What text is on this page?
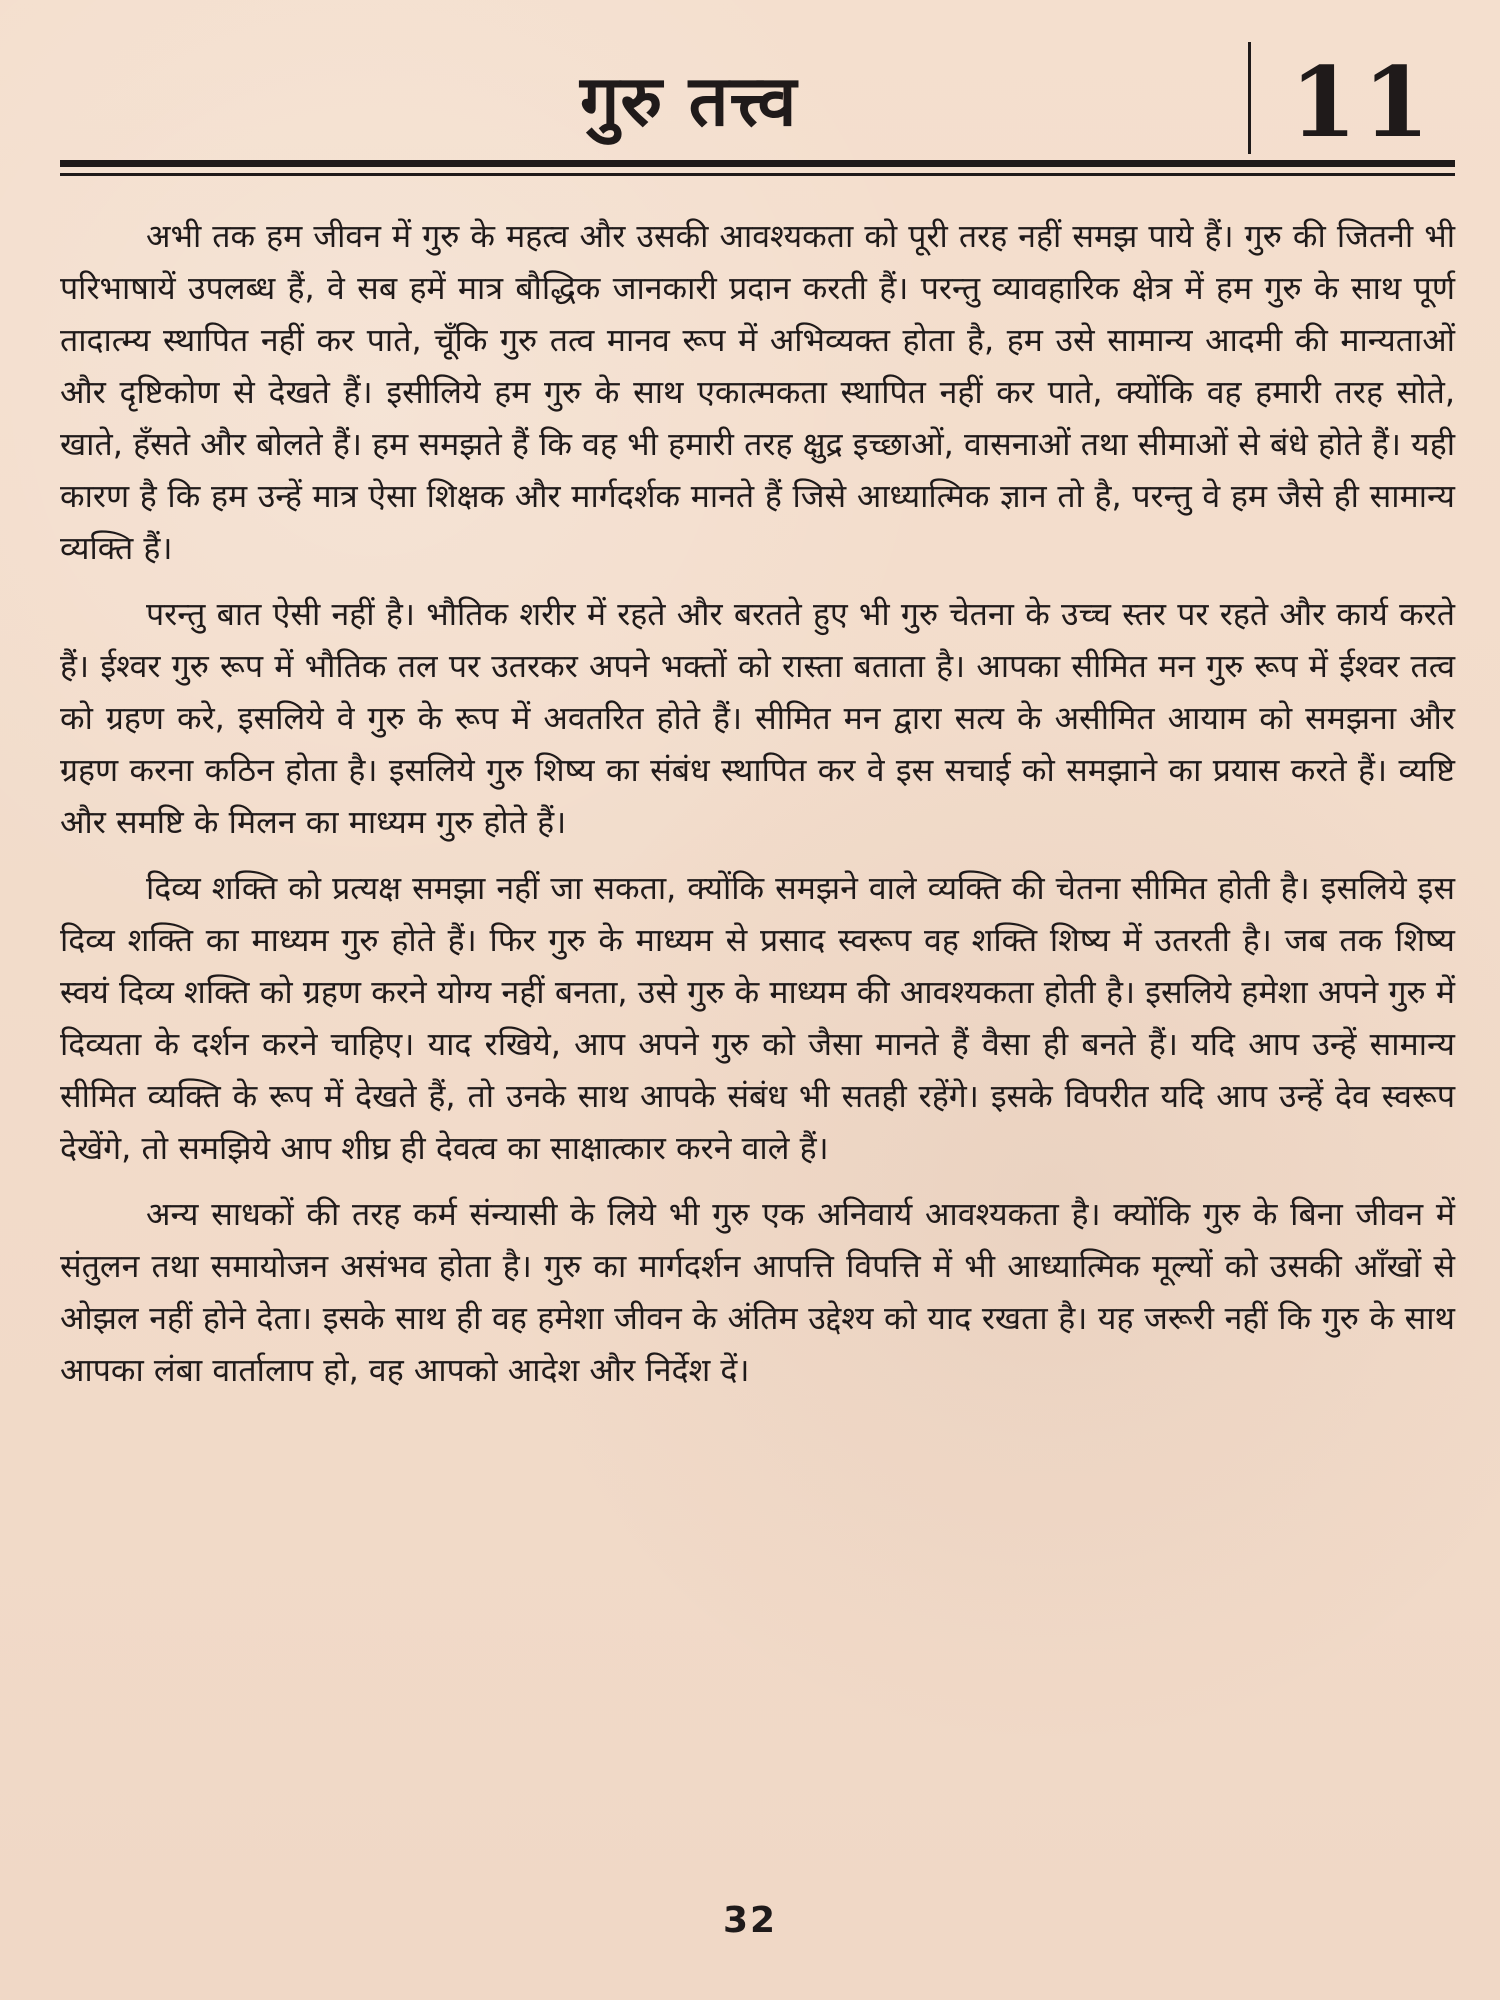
गुरु तत्त्व	11

अभी तक हम जीवन में गुरु के महत्व और उसकी आवश्यकता को पूरी तरह नहीं समझ पाये हैं। गुरु की जितनी भी परिभाषायें उपलब्ध हैं, वे सब हमें मात्र बौद्धिक जानकारी प्रदान करती हैं। परन्तु व्यावहारिक क्षेत्र में हम गुरु के साथ पूर्ण तादात्म्य स्थापित नहीं कर पाते, चूँकि गुरु तत्व मानव रूप में अभिव्यक्त होता है, हम उसे सामान्य आदमी की मान्यताओं और दृष्टिकोण से देखते हैं। इसीलिये हम गुरु के साथ एकात्मकता स्थापित नहीं कर पाते, क्योंकि वह हमारी तरह सोते, खाते, हँसते और बोलते हैं। हम समझते हैं कि वह भी हमारी तरह क्षुद्र इच्छाओं, वासनाओं तथा सीमाओं से बंधे होते हैं। यही कारण है कि हम उन्हें मात्र ऐसा शिक्षक और मार्गदर्शक मानते हैं जिसे आध्यात्मिक ज्ञान तो है, परन्तु वे हम जैसे ही सामान्य व्यक्ति हैं।

परन्तु बात ऐसी नहीं है। भौतिक शरीर में रहते और बरतते हुए भी गुरु चेतना के उच्च स्तर पर रहते और कार्य करते हैं। ईश्वर गुरु रूप में भौतिक तल पर उतरकर अपने भक्तों को रास्ता बताता है। आपका सीमित मन गुरु रूप में ईश्वर तत्व को ग्रहण करे, इसलिये वे गुरु के रूप में अवतरित होते हैं। सीमित मन द्वारा सत्य के असीमित आयाम को समझना और ग्रहण करना कठिन होता है। इसलिये गुरु शिष्य का संबंध स्थापित कर वे इस सचाई को समझाने का प्रयास करते हैं। व्यष्टि और समष्टि के मिलन का माध्यम गुरु होते हैं।

दिव्य शक्ति को प्रत्यक्ष समझा नहीं जा सकता, क्योंकि समझने वाले व्यक्ति की चेतना सीमित होती है। इसलिये इस दिव्य शक्ति का माध्यम गुरु होते हैं। फिर गुरु के माध्यम से प्रसाद स्वरूप वह शक्ति शिष्य में उतरती है। जब तक शिष्य स्वयं दिव्य शक्ति को ग्रहण करने योग्य नहीं बनता, उसे गुरु के माध्यम की आवश्यकता होती है। इसलिये हमेशा अपने गुरु में दिव्यता के दर्शन करने चाहिए। याद रखिये, आप अपने गुरु को जैसा मानते हैं वैसा ही बनते हैं। यदि आप उन्हें सामान्य सीमित व्यक्ति के रूप में देखते हैं, तो उनके साथ आपके संबंध भी सतही रहेंगे। इसके विपरीत यदि आप उन्हें देव स्वरूप देखेंगे, तो समझिये आप शीघ्र ही देवत्व का साक्षात्कार करने वाले हैं।

अन्य साधकों की तरह कर्म संन्यासी के लिये भी गुरु एक अनिवार्य आवश्यकता है। क्योंकि गुरु के बिना जीवन में संतुलन तथा समायोजन असंभव होता है। गुरु का मार्गदर्शन आपत्ति विपत्ति में भी आध्यात्मिक मूल्यों को उसकी आँखों से ओझल नहीं होने देता। इसके साथ ही वह हमेशा जीवन के अंतिम उद्देश्य को याद रखता है। यह जरूरी नहीं कि गुरु के साथ आपका लंबा वार्तालाप हो, वह आपको आदेश और निर्देश दें।

32
